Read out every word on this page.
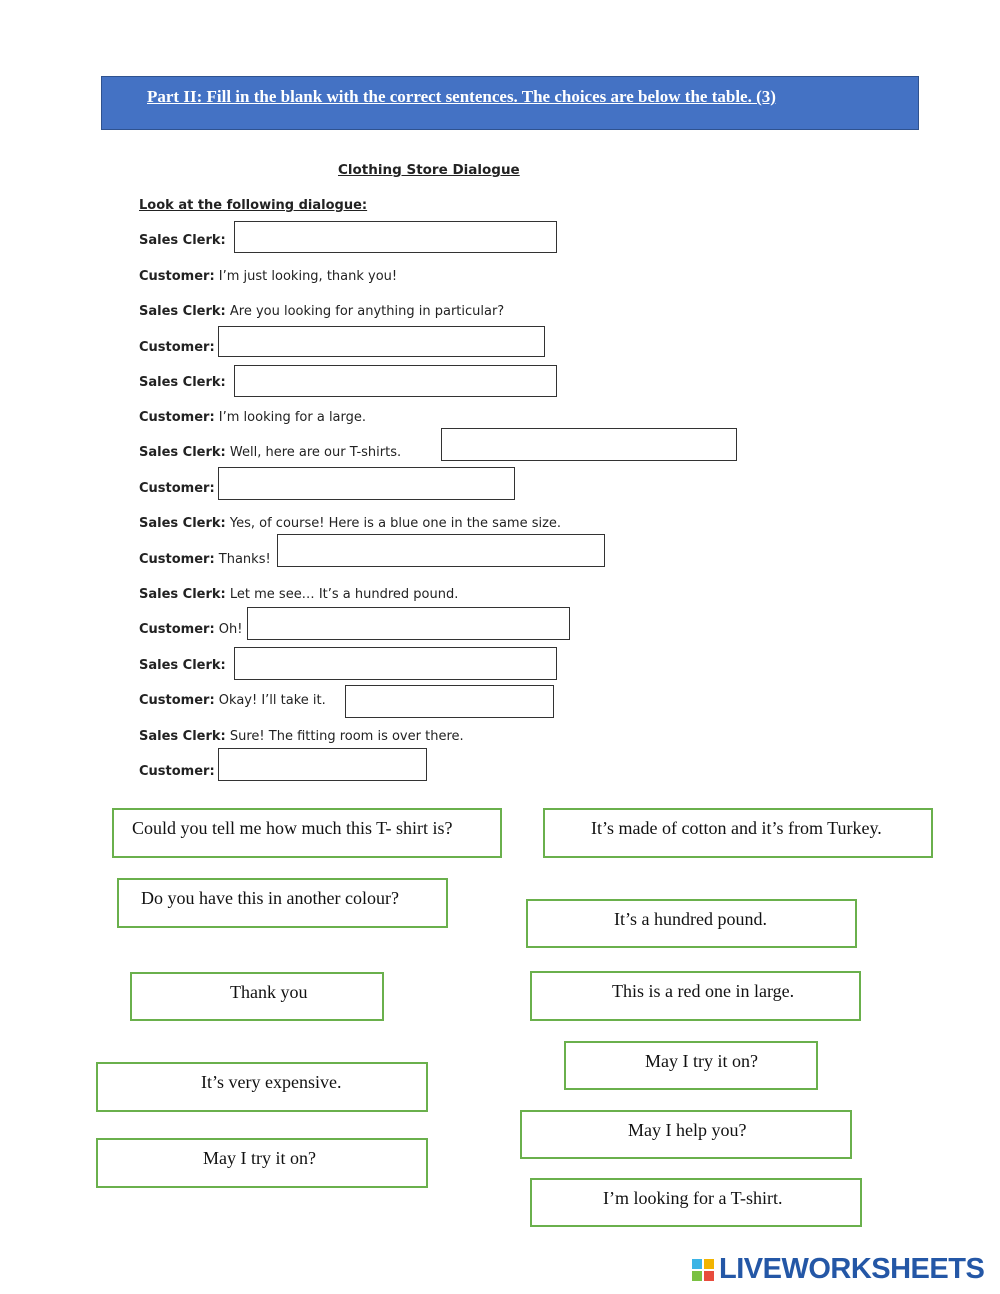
Part II: Fill in the blank with the correct sentences. The choices are below the table. (3)
Clothing Store Dialogue
Look at the following dialogue:
Sales Clerk:
Customer: I’m just looking, thank you!
Sales Clerk: Are you looking for anything in particular?
Customer:
Sales Clerk:
Customer: I’m looking for a large.
Sales Clerk: Well, here are our T-shirts.
Customer:
Sales Clerk: Yes, of course! Here is a blue one in the same size.
Customer: Thanks!
Sales Clerk: Let me see… It’s a hundred pound.
Customer: Oh!
Sales Clerk:
Customer: Okay! I’ll take it.
Sales Clerk: Sure! The fitting room is over there.
Customer:
Could you tell me how much this T- shirt is?	It’s made of cotton and it’s from Turkey.
Do you have this in another colour?
It’s a hundred pound.
Thank you	This is a red one in large.
May I try it on?
It’s very expensive.
May I help you?
May I try it on?
I’m looking for a T-shirt.
LIVEWORKSHEETS
